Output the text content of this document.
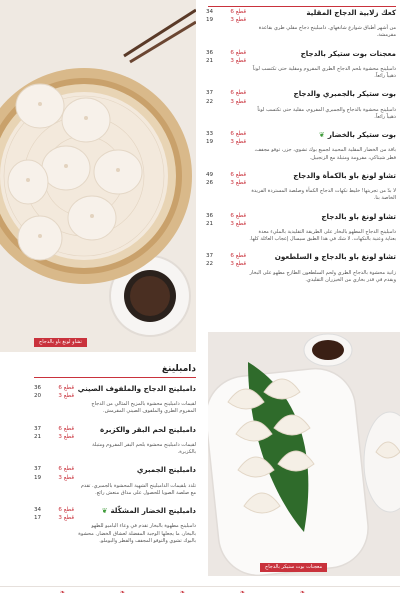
تشاو لونغ باو بالدجاج
معجنات بوت ستيكر بالدجاج
34	6 قطع
19	3 قطع
كعك زلابية الدجاج المقلية
من أشهر أطباق شوارع شانغهاي. دامبلينج دجاج مقلي طري بقاعدة مقرمشة.
36	6 قطع
21	3 قطع
معجنات بوت ستيكر بالدجاج
دامبلينج محشوة بلحم الدجاج الطري المفروم ومقلية حتى تكتسب لوناً ذهبياً رائعاً.
37	6 قطع
22	3 قطع
بوت ستيكر بالجمبري والدجاج
دامبلينج محشوة بالدجاج والجمبري المفروم، مقلية حتى تكتسب لوناً ذهبياً رائعاً.
33	6 قطع
19	3 قطع
بوت ستيكر بالخضار❦
باقة من الخضار المقلية المحببة لجميع بوك تشوي، جزر، توفو مجفف، فطر شيتاكي، مفرومة ومتبلة مع الزنجبيل.
49	6 قطع
26	3 قطع
تشاو لونغ باو بالكمأة والدجاج
لا بدّ من تجربتها! خليط نكهات الدجاج الكمأة وصلصة المستردة الفريدة الخاصة بنا.
36	6 قطع
21	3 قطع
تشاو لونغ باو بالدجاج
دامبلينج الدجاج المطهو بالبخار على الطريقة التقليدية بالمليء معدة بعناية وعنية بالنكهات. لا شك في هذا الطبق سيسال إعجاب العائلة كلها.
37	6 قطع
22	3 قطع
تشاو لونغ باو بالدجاج و السلطعون
زانية محشوة بالدجاج الطري ولحم السلطعون الطازج مطهو على البخار ويقدم في قدر بخاري من الخيزران التقليدي.
دامبلينغ
36	6 قطع
20	3 قطع
دامبلينج الدجاج والملفوف الصيني
لقيمات دامبلينج محشوة بالمزيج المثالي من الدجاج المفروم الطري والملفوف الصيني المقرمش.
37	6 قطع
21	3 قطع
دامبلينج لحم البقر والكزبرة
لقيمات دامبلينج محشوة بلحم البقر المفروم ومتبلة بالكزبرة.
37	6 قطع
19	3 قطع
دامبلينج الجمبري
تلذذ بلقيمات الدامبلينج الشهية المحشوة بالجمبري. تقدم مع صلصة الصويا للحصول على مذاق منعش رائع.
34	6 قطع
17	3 قطع
دامبلينج الخضار المشكّلة❦
دامبلينج مطهوة بالبخار تقدم في وعاء الباميو للطهو بالبخار، ما يجعلها الوجبة المفضلة لعشاق الخضار. محشوة بالبوك تشوي والتوفو المجفف والفطر والبوملو.
❧	❧	❧	❧	❧
